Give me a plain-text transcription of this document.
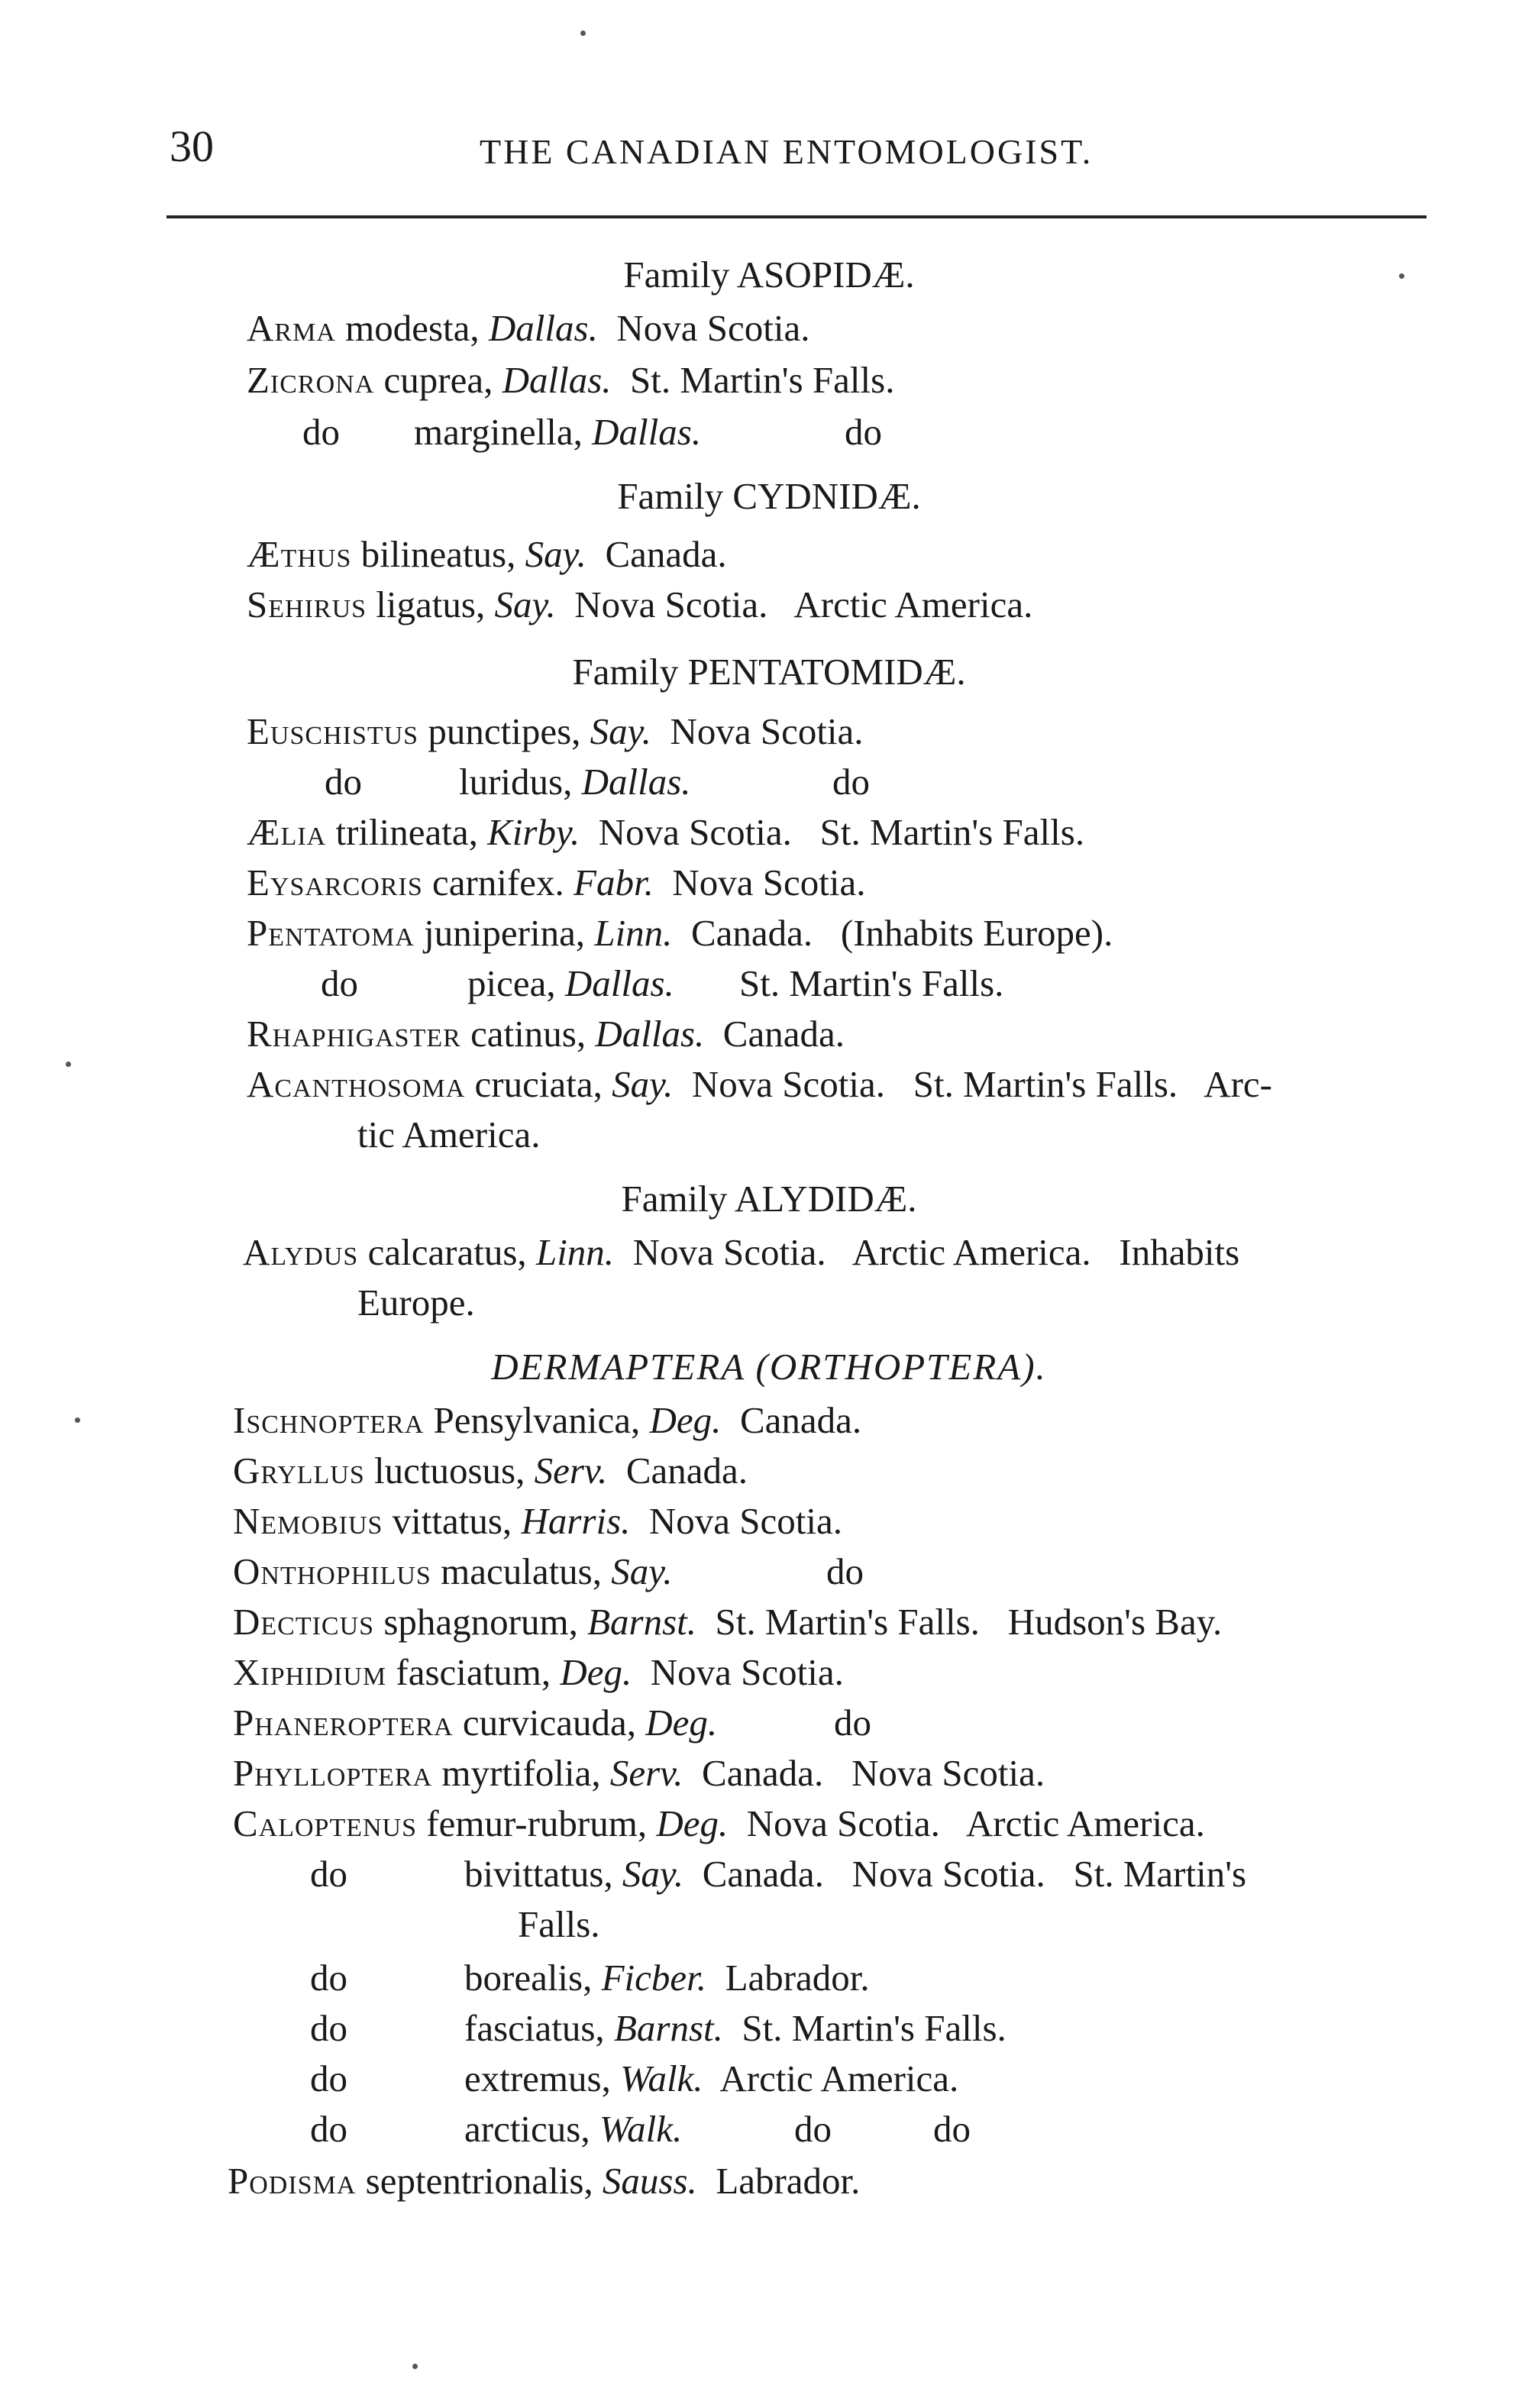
30	THE CANADIAN ENTOMOLOGIST.
Family ASOPIDÆ.
Arma modesta, Dallas. Nova Scotia.
Zicrona cuprea, Dallas. St. Martin's Falls.
do marginella, Dallas.	do
Family CYDNIDÆ.
Æthus bilineatus, Say. Canada.
Sehirus ligatus, Say. Nova Scotia.   Arctic America.
Family PENTATOMIDÆ.
Euschistus punctipes, Say. Nova Scotia.
do	luridus, Dallas.	do
Ælia trilineata, Kirby. Nova Scotia.   St. Martin's Falls.
Eysarcoris carnifex. Fabr. Nova Scotia.
Pentatoma juniperina, Linn. Canada.   (Inhabits Europe).
do	picea, Dallas. St. Martin's Falls.
Rhaphigaster catinus, Dallas. Canada.
Acanthosoma cruciata, Say. Nova Scotia.   St. Martin's Falls.   Arc-
tic America.
Family ALYDIDÆ.
Alydus calcaratus, Linn. Nova Scotia.   Arctic America.   Inhabits
Europe.
DERMAPTERA (ORTHOPTERA).
Ischnoptera Pensylvanica, Deg. Canada.
Gryllus luctuosus, Serv. Canada.
Nemobius vittatus, Harris. Nova Scotia.
Onthophilus maculatus, Say.	do
Decticus sphagnorum, Barnst. St. Martin's Falls.   Hudson's Bay.
Xiphidium fasciatum, Deg. Nova Scotia.
Phaneroptera curvicauda, Deg.	do
Phylloptera myrtifolia, Serv. Canada.   Nova Scotia.
Caloptenus femur-rubrum, Deg. Nova Scotia.   Arctic America.
do	bivittatus, Say. Canada.   Nova Scotia.   St. Martin's
Falls.
do	borealis, Ficber. Labrador.
do	fasciatus, Barnst. St. Martin's Falls.
do	extremus, Walk. Arctic America.
do	arcticus, Walk.	do	do
Podisma septentrionalis, Sauss. Labrador.
